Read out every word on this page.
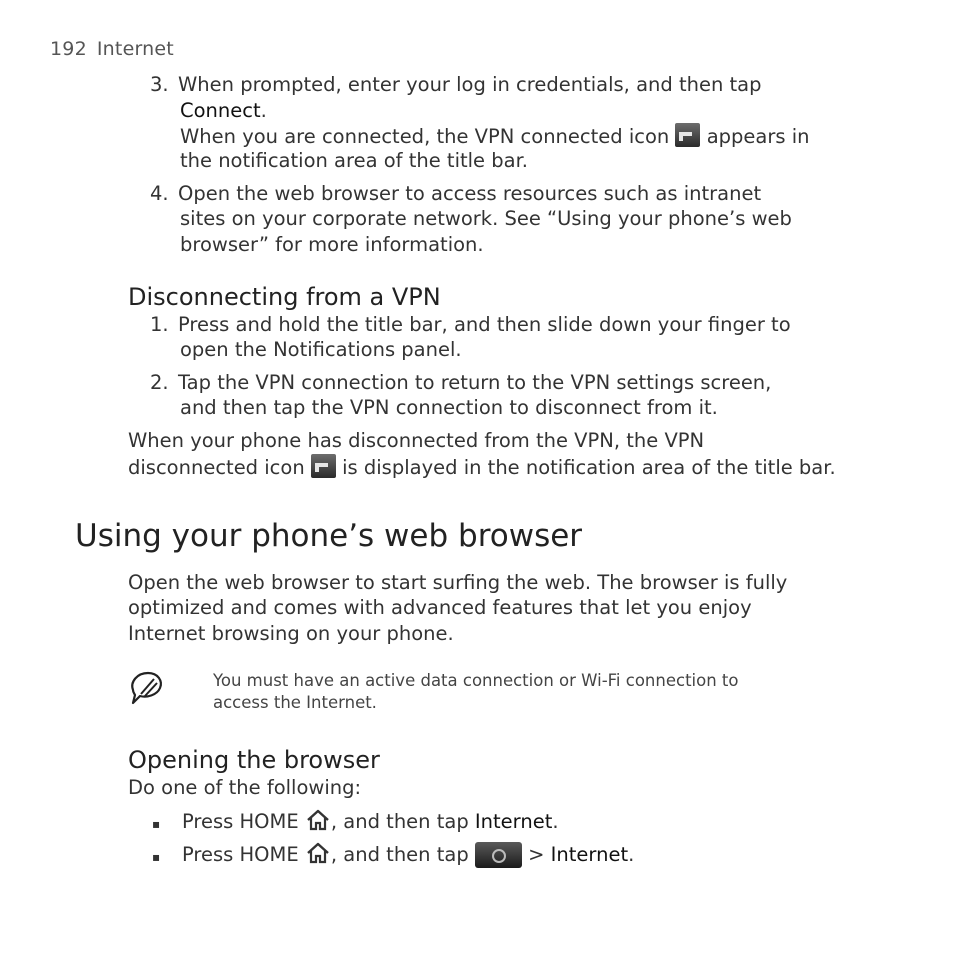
192 Internet
3. When prompted, enter your log in credentials, and then tap
Connect.
When you are connected, the VPN connected icon appears in
the notification area of the title bar.
4. Open the web browser to access resources such as intranet
sites on your corporate network. See “Using your phone’s web
browser” for more information.
Disconnecting from a VPN
1. Press and hold the title bar, and then slide down your finger to
open the Notifications panel.
2. Tap the VPN connection to return to the VPN settings screen,
and then tap the VPN connection to disconnect from it.
When your phone has disconnected from the VPN, the VPN
disconnected icon is displayed in the notification area of the title bar.
Using your phone’s web browser
Open the web browser to start surfing the web. The browser is fully
optimized and comes with advanced features that let you enjoy
Internet browsing on your phone.
You must have an active data connection or Wi-Fi connection to
access the Internet.
Opening the browser
Do one of the following:
▪ Press HOME , and then tap Internet.
▪ Press HOME , and then tap	> Internet.
